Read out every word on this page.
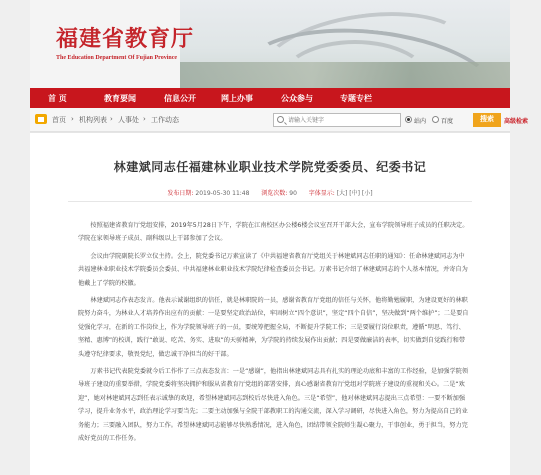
福建省教育厅
The Education Department Of Fujian Province
首 页	教育要闻	信息公开	网上办事	公众参与	专题专栏
首页 › 机构列表 › 人事处 › 工作动态
请输入关键字	站内 百度	搜索	高级检索
林建斌同志任福建林业职业技术学院党委委员、纪委书记
发布日期: 2019-05-30 11:48 浏览次数: 90 字体显示: [大] [中] [小]

按照福建省教育厅党组安排，2019年5月28日下午，学院在江南校区办公楼6楼会议室召开干部大会，宣布学院领导班子成员的任职决定。学院在家领导班子成员、副科级以上干部参加了会议。

会议由学院副院长罗立仪主持。会上，院党委书记万素宣读了《中共福建省教育厅党组关于林建斌同志任职的通知》：任命林建斌同志为中共福建林业职业技术学院委员会委员、中共福建林业职业技术学院纪律检查委员会书记。万素书记介绍了林建斌同志的个人基本情况，并寄自为他戴上了学院的校徽。

林建斌同志作表态发言。他表示诚谢组织的信任，就是林职院的一员，感谢省教育厅党组的信任与关怀，他将勤勉履职，为建设更好的林职院努力奋斗，为林业人才培养作出应有的贡献：一是要坚定政治站位，牢固树立“四个意识”，坚定“四个自信”，坚决做到“两个维护”；二是要自觉强化学习，在新的工作岗位上，作为学院领导班子的一员，要统筹把握全局，不断提升学院工作；三是要履行岗位职责，遵循“明思、笃行、坚精、惠博”的校训，践行“敢说、吃苦、务实、进取”的天骄精神，为学院的持续发展作出贡献；四是要做廉洁的表率，切实做到自觉践行和带头遵守纪律要求，敬畏党纪，做忠诚干净担当的好干部。

万素书记代表院党委就今后工作作了三点表态发言：一是“感谢”，他指出林建斌同志具有扎实的理论功底和丰富的工作经验，是加强学院领导班子建设的重要举措，学院党委将坚决拥护和服从省教育厅党组的部署安排，真心感谢省教育厅党组对学院班子建设的重视和关心。二是“欢迎”，她对林建斌同志到任表示诚挚的欢迎，希望林建斌同志到校后尽快进入角色。三是“希望”，他对林建斌同志提出三点希望：一要不断加强学习，提升业务水平，政治理论学习要当先；二要主动加强与全院干部教职工的沟通交流，深入学习调研，尽快进入角色，努力为提高自己的业务能力；三要融入团队，努力工作。希望林建斌同志能够尽快熟悉情况，进入角色，团结带领全院师生凝心聚力，干事创业，勇于担当，努力完成好党员的工作任务。
